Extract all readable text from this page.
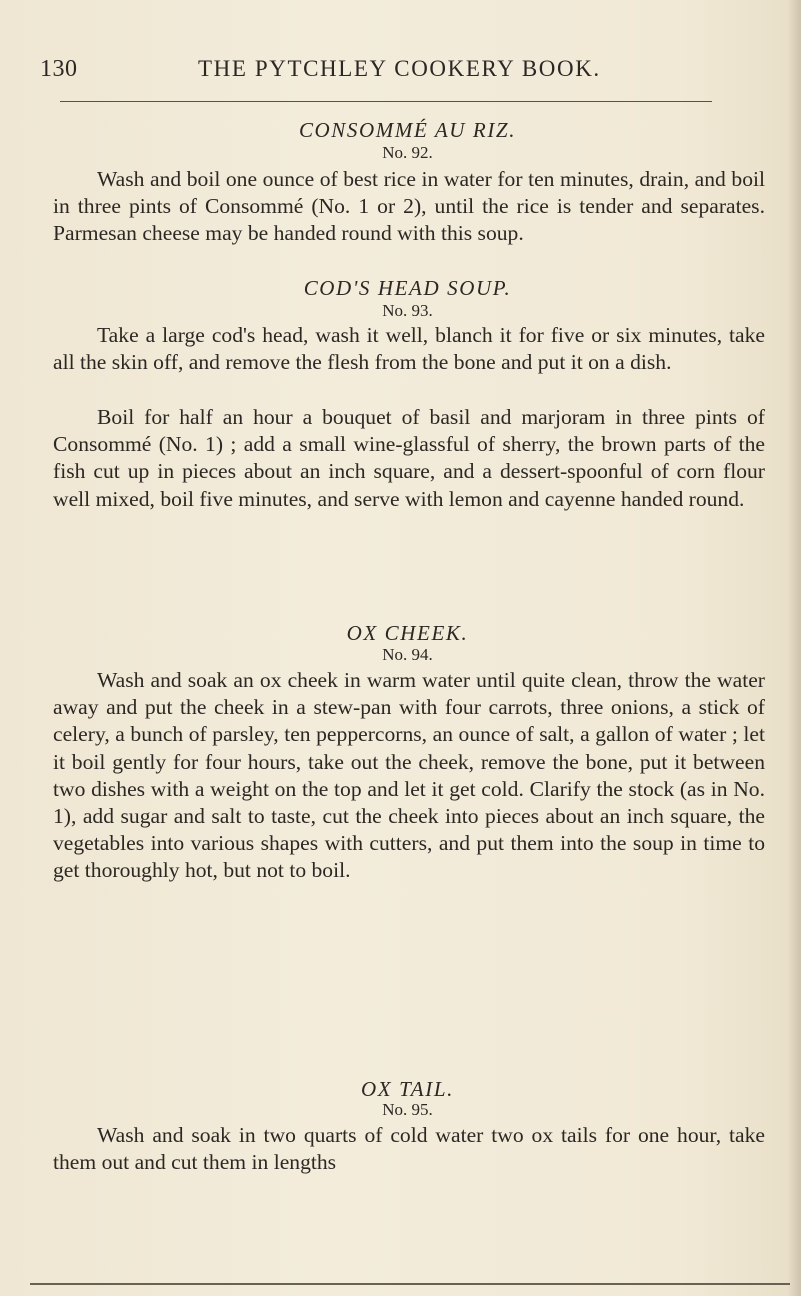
130	THE PYTCHLEY COOKERY BOOK.
CONSOMMÉ AU RIZ.
No. 92.

Wash and boil one ounce of best rice in water for ten minutes, drain, and boil in three pints of Consommé (No. 1 or 2), until the rice is tender and separates. Parmesan cheese may be handed round with this soup.

COD'S HEAD SOUP.
No. 93.

Take a large cod's head, wash it well, blanch it for five or six minutes, take all the skin off, and remove the flesh from the bone and put it on a dish.

Boil for half an hour a bouquet of basil and marjoram in three pints of Consommé (No. 1) ; add a small wine-glassful of sherry, the brown parts of the fish cut up in pieces about an inch square, and a dessert-spoonful of corn flour well mixed, boil five minutes, and serve with lemon and cayenne handed round.

OX CHEEK.
No. 94.

Wash and soak an ox cheek in warm water until quite clean, throw the water away and put the cheek in a stew-pan with four carrots, three onions, a stick of celery, a bunch of parsley, ten peppercorns, an ounce of salt, a gallon of water ; let it boil gently for four hours, take out the cheek, remove the bone, put it between two dishes with a weight on the top and let it get cold. Clarify the stock (as in No. 1), add sugar and salt to taste, cut the cheek into pieces about an inch square, the vegetables into various shapes with cutters, and put them into the soup in time to get thoroughly hot, but not to boil.

OX TAIL.
No. 95.

Wash and soak in two quarts of cold water two ox tails for one hour, take them out and cut them in lengths
